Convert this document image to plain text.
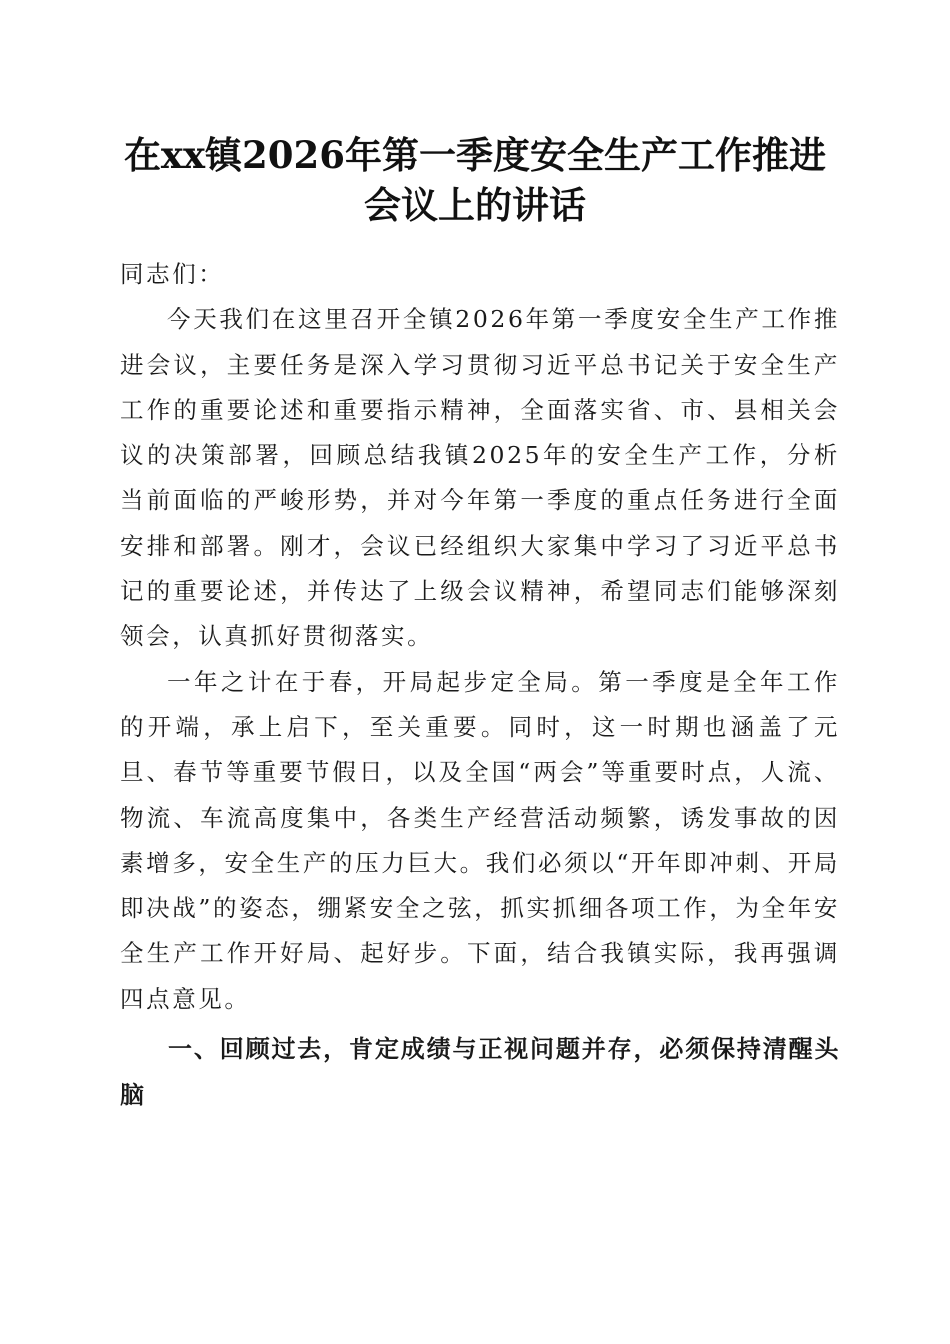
在xx镇2026年第一季度安全生产工作推进会议上的讲话

同志们：

今天我们在这里召开全镇2026年第一季度安全生产工作推进会议，主要任务是深入学习贯彻习近平总书记关于安全生产工作的重要论述和重要指示精神，全面落实省、市、县相关会议的决策部署，回顾总结我镇2025年的安全生产工作，分析当前面临的严峻形势，并对今年第一季度的重点任务进行全面安排和部署。刚才，会议已经组织大家集中学习了习近平总书记的重要论述，并传达了上级会议精神，希望同志们能够深刻领会，认真抓好贯彻落实。

一年之计在于春，开局起步定全局。第一季度是全年工作的开端，承上启下，至关重要。同时，这一时期也涵盖了元旦、春节等重要节假日，以及全国“两会”等重要时点，人流、物流、车流高度集中，各类生产经营活动频繁，诱发事故的因素增多，安全生产的压力巨大。我们必须以“开年即冲刺、开局即决战”的姿态，绷紧安全之弦，抓实抓细各项工作，为全年安全生产工作开好局、起好步。下面，结合我镇实际，我再强调四点意见。

一、回顾过去，肯定成绩与正视问题并存，必须保持清醒头脑
